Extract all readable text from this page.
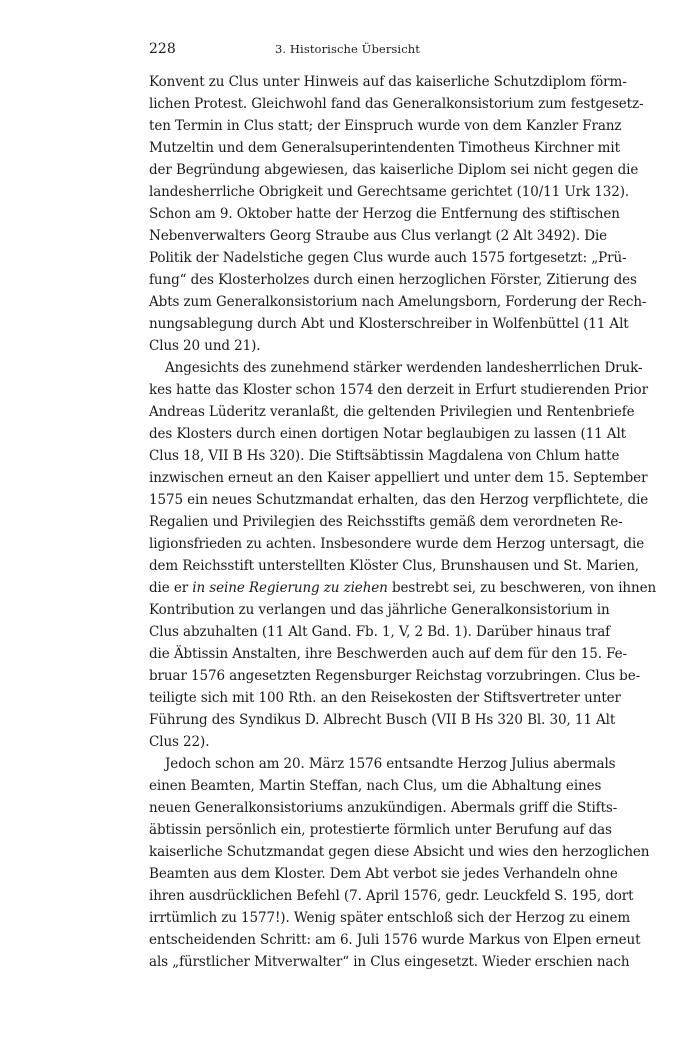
228	3. Historische Übersicht
Konvent zu Clus unter Hinweis auf das kaiserliche Schutzdiplom förm-
lichen Protest. Gleichwohl fand das Generalkonsistorium zum festgesetz-
ten Termin in Clus statt; der Einspruch wurde von dem Kanzler Franz
Mutzeltin und dem Generalsuperintendenten Timotheus Kirchner mit
der Begründung abgewiesen, das kaiserliche Diplom sei nicht gegen die
landesherrliche Obrigkeit und Gerechtsame gerichtet (10/11 Urk 132).
Schon am 9. Oktober hatte der Herzog die Entfernung des stiftischen
Nebenverwalters Georg Straube aus Clus verlangt (2 Alt 3492). Die
Politik der Nadelstiche gegen Clus wurde auch 1575 fortgesetzt: „Prü-
fung“ des Klosterholzes durch einen herzoglichen Förster, Zitierung des
Abts zum Generalkonsistorium nach Amelungsborn, Forderung der Rech-
nungsablegung durch Abt und Klosterschreiber in Wolfenbüttel (11 Alt
Clus 20 und 21).
Angesichts des zunehmend stärker werdenden landesherrlichen Druk-
kes hatte das Kloster schon 1574 den derzeit in Erfurt studierenden Prior
Andreas Lüderitz veranlaßt, die geltenden Privilegien und Rentenbriefe
des Klosters durch einen dortigen Notar beglaubigen zu lassen (11 Alt
Clus 18, VII B Hs 320). Die Stiftsäbtissin Magdalena von Chlum hatte
inzwischen erneut an den Kaiser appelliert und unter dem 15. September
1575 ein neues Schutzmandat erhalten, das den Herzog verpflichtete, die
Regalien und Privilegien des Reichsstifts gemäß dem verordneten Re-
ligionsfrieden zu achten. Insbesondere wurde dem Herzog untersagt, die
dem Reichsstift unterstellten Klöster Clus, Brunshausen und St. Marien,
die er in seine Regierung zu ziehen bestrebt sei, zu beschweren, von ihnen
Kontribution zu verlangen und das jährliche Generalkonsistorium in
Clus abzuhalten (11 Alt Gand. Fb. 1, V, 2 Bd. 1). Darüber hinaus traf
die Äbtissin Anstalten, ihre Beschwerden auch auf dem für den 15. Fe-
bruar 1576 angesetzten Regensburger Reichstag vorzubringen. Clus be-
teiligte sich mit 100 Rth. an den Reisekosten der Stiftsvertreter unter
Führung des Syndikus D. Albrecht Busch (VII B Hs 320 Bl. 30, 11 Alt
Clus 22).
Jedoch schon am 20. März 1576 entsandte Herzog Julius abermals
einen Beamten, Martin Steffan, nach Clus, um die Abhaltung eines
neuen Generalkonsistoriums anzukündigen. Abermals griff die Stifts-
äbtissin persönlich ein, protestierte förmlich unter Berufung auf das
kaiserliche Schutzmandat gegen diese Absicht und wies den herzoglichen
Beamten aus dem Kloster. Dem Abt verbot sie jedes Verhandeln ohne
ihren ausdrücklichen Befehl (7. April 1576, gedr. Leuckfeld S. 195, dort
irrtümlich zu 1577!). Wenig später entschloß sich der Herzog zu einem
entscheidenden Schritt: am 6. Juli 1576 wurde Markus von Elpen erneut
als „fürstlicher Mitverwalter“ in Clus eingesetzt. Wieder erschien nach
